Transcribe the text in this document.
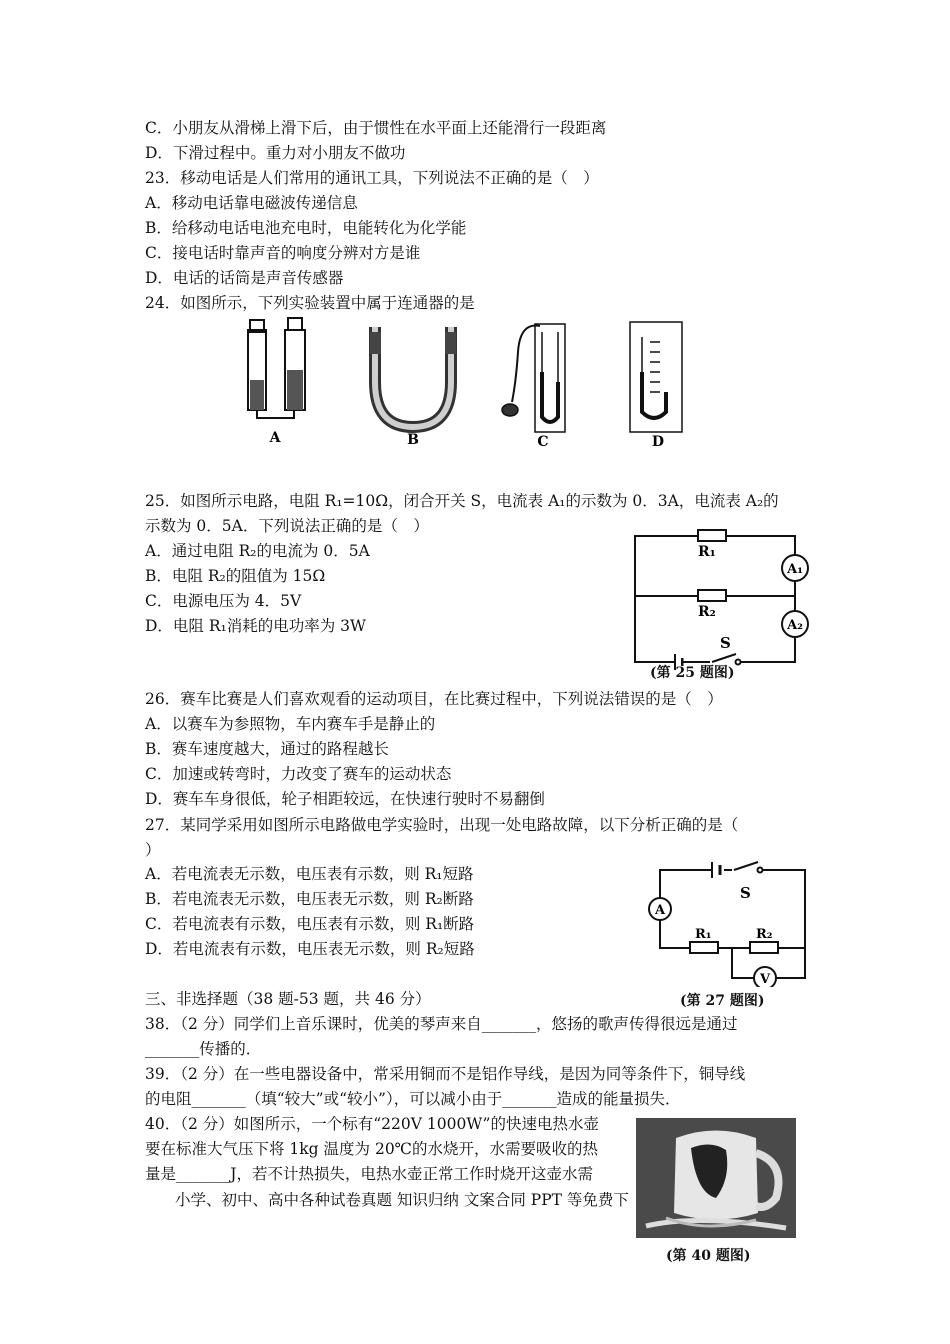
C．小朋友从滑梯上滑下后，由于惯性在水平面上还能滑行一段距离
D．下滑过程中。重力对小朋友不做功
23．移动电话是人们常用的通讯工具，下列说法不正确的是（　）
A．移动电话靠电磁波传递信息
B．给移动电话电池充电时，电能转化为化学能
C．接电话时靠声音的响度分辨对方是谁
D．电话的话筒是声音传感器
24．如图所示，下列实验装置中属于连通器的是
25．如图所示电路，电阻 R₁=10Ω，闭合开关 S，电流表 A₁的示数为 0．3A，电流表 A₂的
示数为 0．5A．下列说法正确的是（　）
A．通过电阻 R₂的电流为 0．5A
B．电阻 R₂的阻值为 15Ω
C．电源电压为 4．5V
D．电阻 R₁消耗的电功率为 3W
26．赛车比赛是人们喜欢观看的运动项目，在比赛过程中，下列说法错误的是（　）
A．以赛车为参照物，车内赛车手是静止的
B．赛车速度越大，通过的路程越长
C．加速或转弯时，力改变了赛车的运动状态
D．赛车车身很低，轮子相距较远，在快速行驶时不易翻倒
27．某同学采用如图所示电路做电学实验时，出现一处电路故障，以下分析正确的是（
）
A．若电流表无示数，电压表有示数，则 R₁短路
B．若电流表无示数，电压表无示数，则 R₂断路
C．若电流表有示数，电压表有示数，则 R₁断路
D．若电流表有示数，电压表无示数，则 R₂短路
三、非选择题（38 题-53 题，共 46 分）
38．（2 分）同学们上音乐课时，优美的琴声来自_______，悠扬的歌声传得很远是通过
_______传播的．
39．（2 分）在一些电器设备中，常采用铜而不是铝作导线，是因为同等条件下，铜导线
的电阻_______（填“较大”或“较小”），可以减小由于_______造成的能量损失．
40．（2 分）如图所示，一个标有“220V 1000W”的快速电热水壶
要在标准大气压下将 1kg 温度为 20℃的水烧开，水需要吸收的热
量是_______J，若不计热损失，电热水壶正常工作时烧开这壶水需
小学、初中、高中各种试卷真题 知识归纳 文案合同 PPT 等免费下
A	B	C	D
R₁
R₂
A₁
A₂
S
(第 25 题图)
S
A
R₁	R₂
V
(第 27 题图)
(第 40 题图)
